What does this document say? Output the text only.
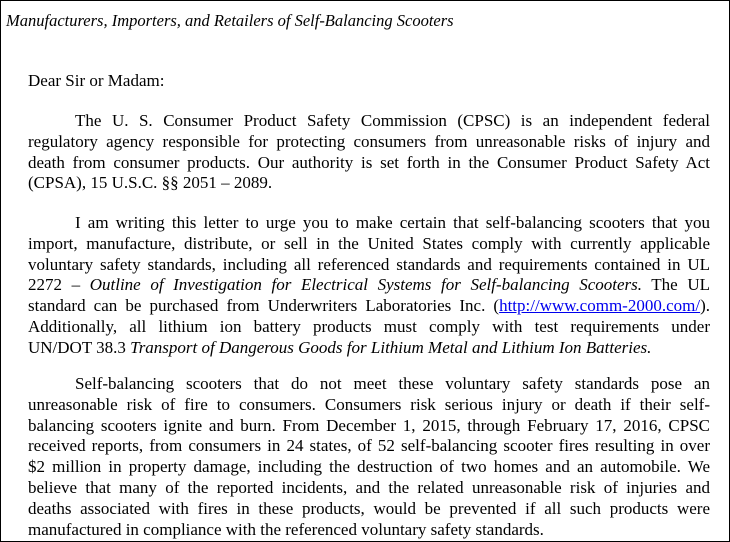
Manufacturers, Importers, and Retailers of Self-Balancing Scooters
Dear Sir or Madam:
The U. S. Consumer Product Safety Commission (CPSC) is an independent federal
regulatory agency responsible for protecting consumers from unreasonable risks of injury and
death from consumer products. Our authority is set forth in the Consumer Product Safety Act
(CPSA), 15 U.S.C. §§ 2051 – 2089.
I am writing this letter to urge you to make certain that self-balancing scooters that you
import, manufacture, distribute, or sell in the United States comply with currently applicable
voluntary safety standards, including all referenced standards and requirements contained in UL
2272 – Outline of Investigation for Electrical Systems for Self-balancing Scooters. The UL
standard can be purchased from Underwriters Laboratories Inc. (http://www.comm-2000.com/).
Additionally, all lithium ion battery products must comply with test requirements under
UN/DOT 38.3 Transport of Dangerous Goods for Lithium Metal and Lithium Ion Batteries.
Self-balancing scooters that do not meet these voluntary safety standards pose an
unreasonable risk of fire to consumers. Consumers risk serious injury or death if their self-
balancing scooters ignite and burn. From December 1, 2015, through February 17, 2016, CPSC
received reports, from consumers in 24 states, of 52 self-balancing scooter fires resulting in over
$2 million in property damage, including the destruction of two homes and an automobile. We
believe that many of the reported incidents, and the related unreasonable risk of injuries and
deaths associated with fires in these products, would be prevented if all such products were
manufactured in compliance with the referenced voluntary safety standards.
